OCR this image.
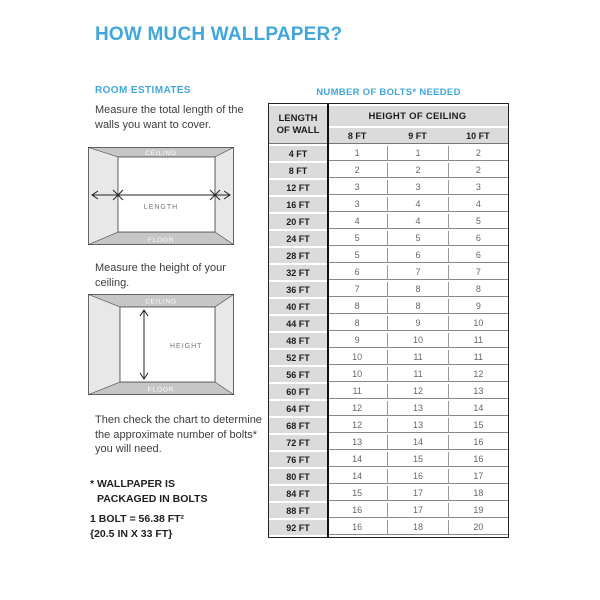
HOW MUCH WALLPAPER?
ROOM ESTIMATES

Measure the total length of the walls you want to cover.

CEILING
FLOOR
LENGTH

Measure the height of your ceiling.

CEILING
FLOOR
HEIGHT

Then check the chart to determine the approximate number of bolts* you will need.

* WALLPAPER IS
PACKAGED IN BOLTS
1 BOLT = 56.38 FT²
{20.5 IN X 33 FT}
NUMBER OF BOLTS* NEEDED
LENGTH OF WALL	HEIGHT OF CEILING		
	8 FT	9 FT	10 FT
4 FT	1	1	2
8 FT	2	2	2
12 FT	3	3	3
16 FT	3	4	4
20 FT	4	4	5
24 FT	5	5	6
28 FT	5	6	6
32 FT	6	7	7
36 FT	7	8	8
40 FT	8	8	9
44 FT	8	9	10
48 FT	9	10	11
52 FT	10	11	11
56 FT	10	11	12
60 FT	11	12	13
64 FT	12	13	14
68 FT	12	13	15
72 FT	13	14	16
76 FT	14	15	16
80 FT	14	16	17
84 FT	15	17	18
88 FT	16	17	19
92 FT	16	18	20
